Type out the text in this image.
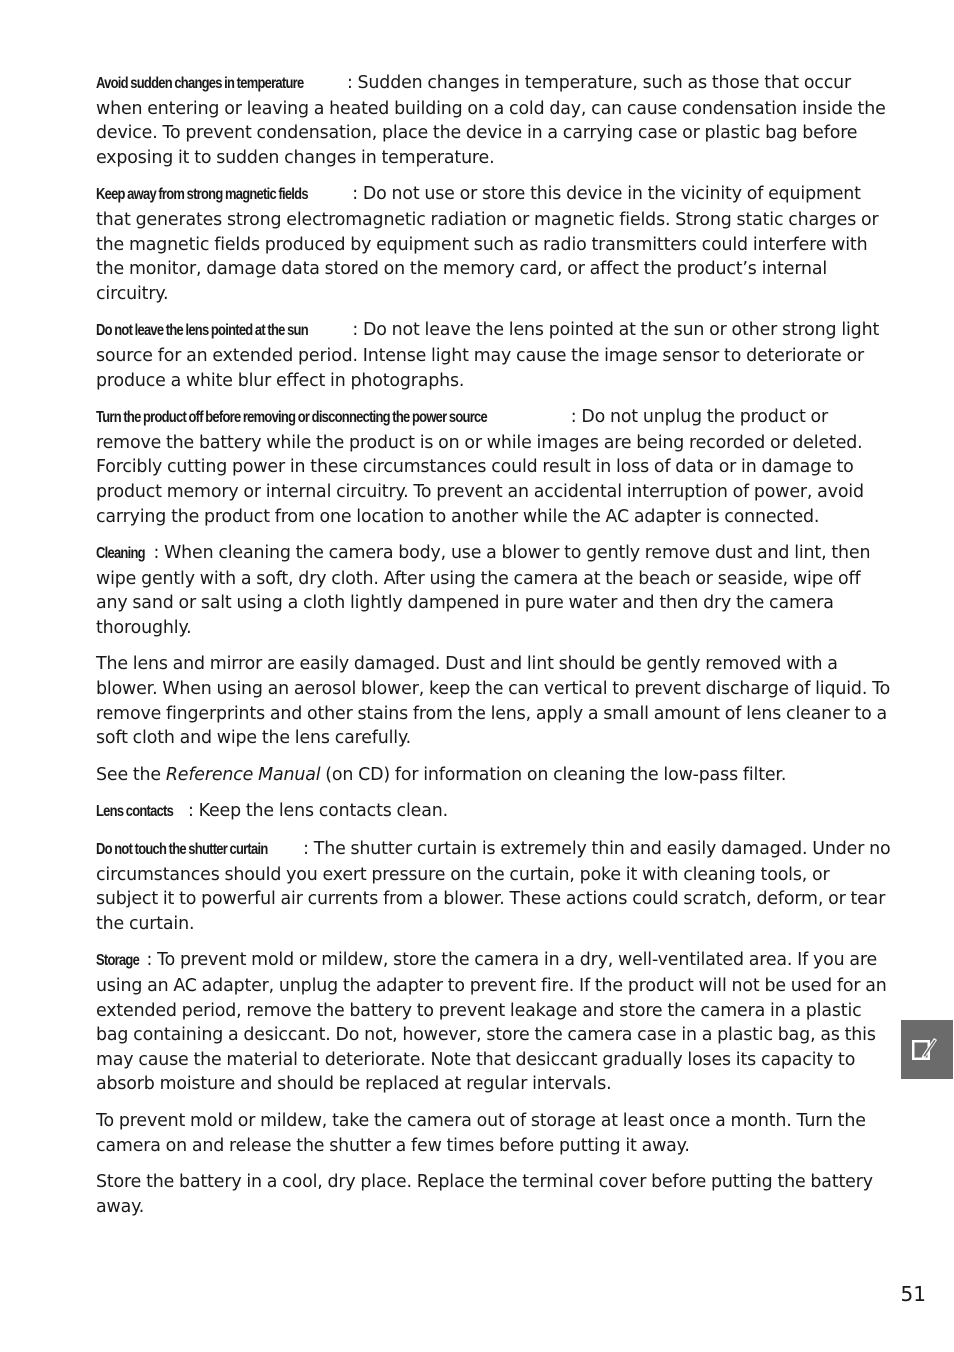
Avoid sudden changes in temperature	: Sudden changes in temperature, such as those that occur when entering or leaving a heated building on a cold day, can cause condensation inside the device. To prevent condensation, place the device in a carrying case or plastic bag before exposing it to sudden changes in temperature.

Keep away from strong magnetic fields	: Do not use or store this device in the vicinity of equipment that generates strong electromagnetic radiation or magnetic fields. Strong static charges or the magnetic fields produced by equipment such as radio transmitters could interfere with the monitor, damage data stored on the memory card, or affect the product’s internal circuitry.

Do not leave the lens pointed at the sun	: Do not leave the lens pointed at the sun or other strong light source for an extended period. Intense light may cause the image sensor to deteriorate or produce a white blur effect in photographs.

Turn the product off before removing or disconnecting the power source	: Do not unplug the product or remove the battery while the product is on or while images are being recorded or deleted. Forcibly cutting power in these circumstances could result in loss of data or in damage to product memory or internal circuitry. To prevent an accidental interruption of power, avoid carrying the product from one location to another while the AC adapter is connected.

Cleaning : When cleaning the camera body, use a blower to gently remove dust and lint, then wipe gently with a soft, dry cloth. After using the camera at the beach or seaside, wipe off any sand or salt using a cloth lightly dampened in pure water and then dry the camera thoroughly.

The lens and mirror are easily damaged. Dust and lint should be gently removed with a blower. When using an aerosol blower, keep the can vertical to prevent discharge of liquid. To remove fingerprints and other stains from the lens, apply a small amount of lens cleaner to a soft cloth and wipe the lens carefully.

See the Reference Manual (on CD) for information on cleaning the low-pass filter.

Lens contacts : Keep the lens contacts clean.

Do not touch the shutter curtain : The shutter curtain is extremely thin and easily damaged. Under no circumstances should you exert pressure on the curtain, poke it with cleaning tools, or subject it to powerful air currents from a blower. These actions could scratch, deform, or tear the curtain.

Storage : To prevent mold or mildew, store the camera in a dry, well-ventilated area. If you are using an AC adapter, unplug the adapter to prevent fire. If the product will not be used for an extended period, remove the battery to prevent leakage and store the camera in a plastic bag containing a desiccant. Do not, however, store the camera case in a plastic bag, as this may cause the material to deteriorate. Note that desiccant gradually loses its capacity to absorb moisture and should be replaced at regular intervals.

To prevent mold or mildew, take the camera out of storage at least once a month. Turn the camera on and release the shutter a few times before putting it away.

Store the battery in a cool, dry place. Replace the terminal cover before putting the battery away.

51
